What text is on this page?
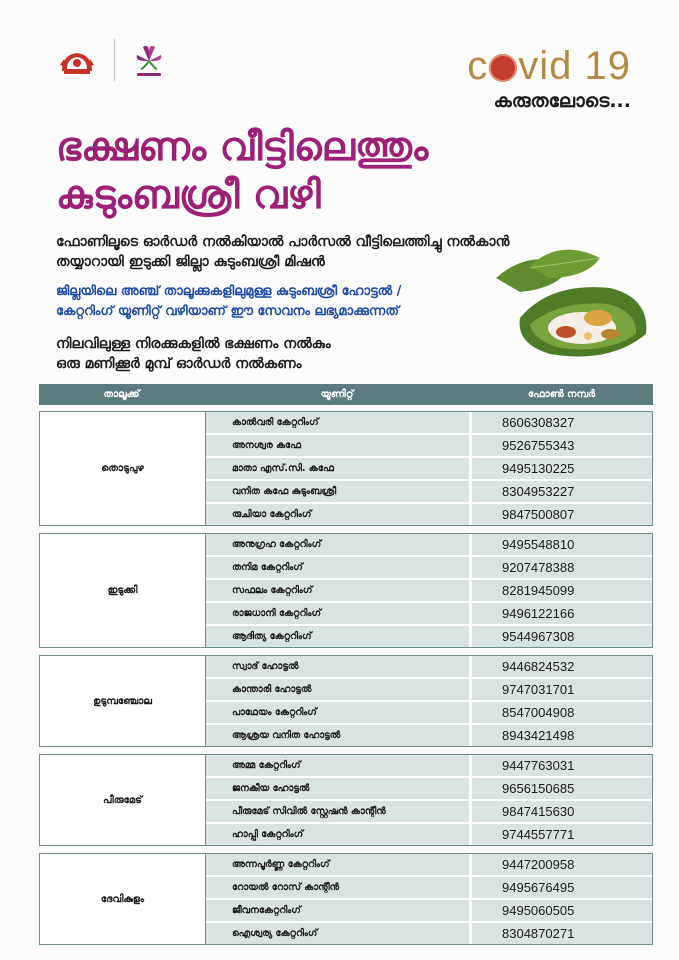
c vid 19
കരുതലോടെ...
ഭക്ഷണം വീട്ടിലെത്തും
കുടുംബശ്രീ വഴി
ഫോണിലൂടെ ഓർഡർ നൽകിയാൽ പാർസൽ വീട്ടിലെത്തിച്ചു നൽകാൻ
തയ്യാറായി ഇടുക്കി ജില്ലാ കുടുംബശ്രീ മിഷൻ
ജില്ലയിലെ അഞ്ച് താലൂക്കുകളിലുമുള്ള കുടുംബശ്രീ ഹോട്ടൽ /
കേറ്ററിംഗ് യൂണിറ്റ് വഴിയാണ് ഈ സേവനം ലഭ്യമാക്കുന്നത്
നിലവിലുള്ള നിരക്കുകളിൽ ഭക്ഷണം നൽകും
ഒരു മണിക്കൂർ മുമ്പ് ഓർഡർ നൽകണം
താലൂക്ക്	യൂണിറ്റ്	ഫോൺ നമ്പർ
തൊടുപുഴ
കാൽവരി കേറ്ററിംഗ്	8606308327
അനശ്വര കഫേ	9526755343
മാതാ എസ്.സി. കഫേ	9495130225
വനിത കഫേ കുടുംബശ്രീ	8304953227
രുചിയാ കേറ്ററിംഗ്	9847500807
ഇടുക്കി
അനുഗ്രഹ കേറ്ററിംഗ്	9495548810
തനിമ കേറ്ററിംഗ്	9207478388
സഫലം കേറ്ററിംഗ്	8281945099
രാജധാനി കേറ്ററിംഗ്	9496122166
ആദിത്യ കേറ്ററിംഗ്	9544967308
ഉടുമ്പഞ്ചോല
സ്വാദ് ഹോട്ടൽ	9446824532
കാന്താരി ഹോട്ടൽ	9747031701
പാഥേയം കേറ്ററിംഗ്	8547004908
ആശ്രയ വനിത ഹോട്ടൽ	8943421498
പീരുമേട്
അമ്മ കേറ്ററിംഗ്	9447763031
ജനകീയ ഹോട്ടൽ	9656150685
പീരുമേട് സിവിൽ സ്റ്റേഷൻ കാന്റീൻ	9847415630
ഹാപ്പി കേറ്ററിംഗ്	9744557771
ദേവികുളം
അന്നപൂർണ്ണ കേറ്ററിംഗ്	9447200958
റോയൽ റോസ് കാന്റീൻ	9495676495
ജീവനകേറ്ററിംഗ്	9495060505
ഐശ്വര്യ കേറ്ററിംഗ്	8304870271
